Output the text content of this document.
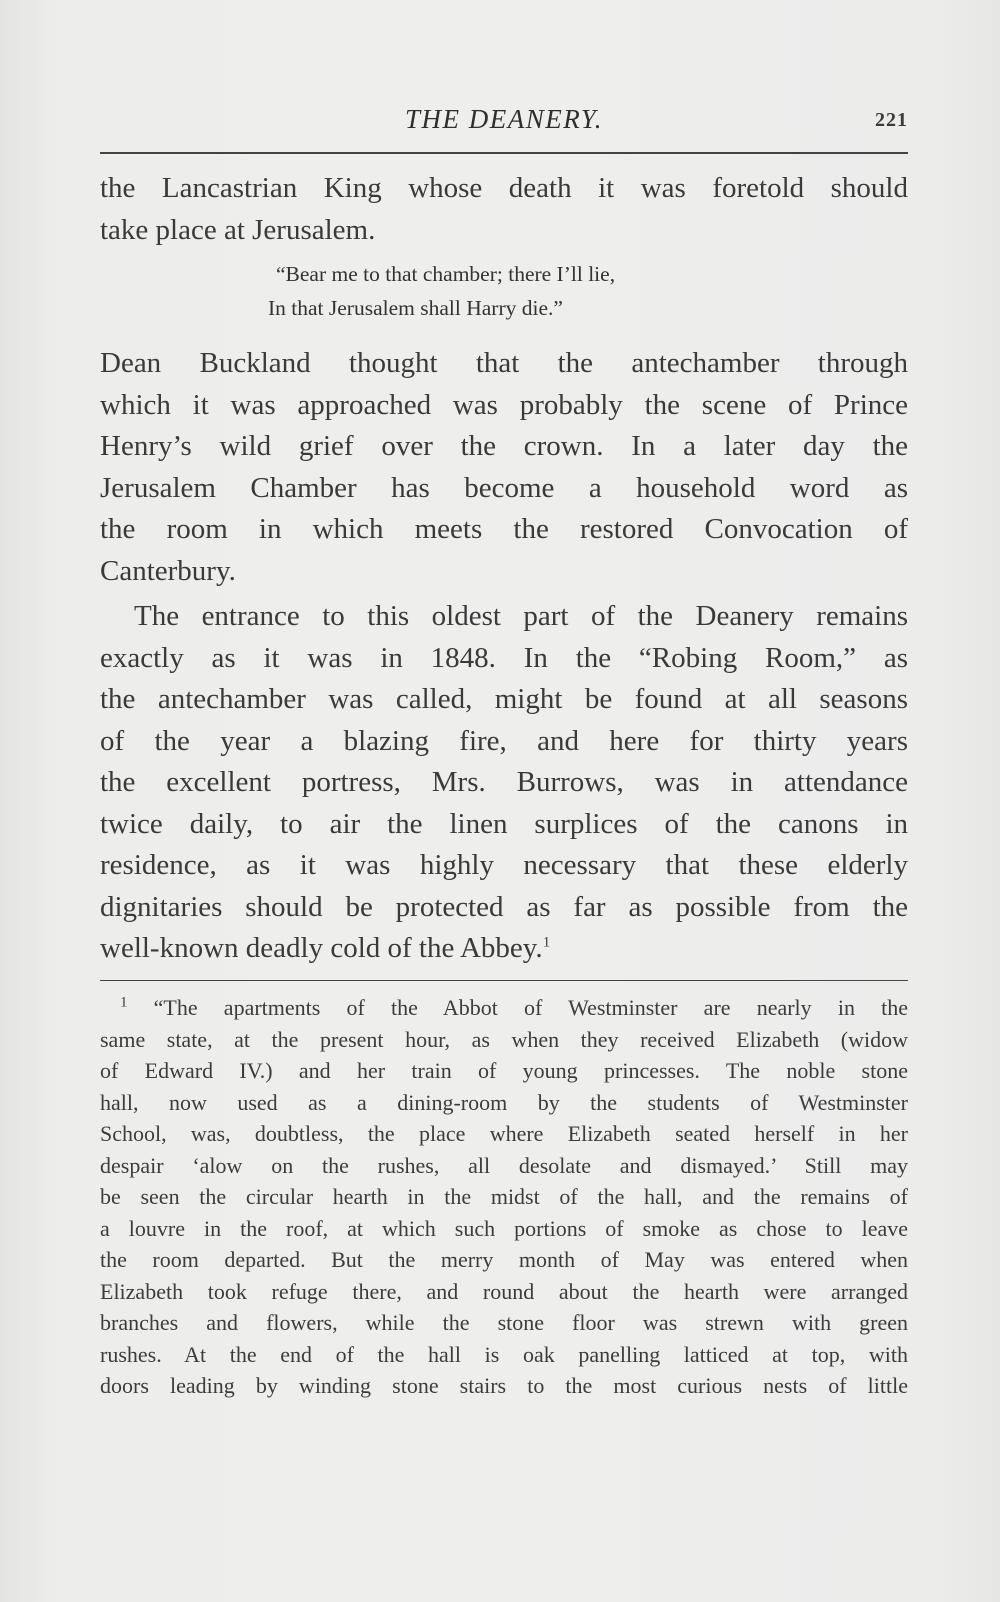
THE DEANERY.	221
the Lancastrian King whose death it was foretold should
take place at Jerusalem.
“Bear me to that chamber; there I’ll lie,
In that Jerusalem shall Harry die.”
Dean Buckland thought that the antechamber through
which it was approached was probably the scene of Prince
Henry’s wild grief over the crown. In a later day the
Jerusalem Chamber has become a household word as
the room in which meets the restored Convocation of
Canterbury.
The entrance to this oldest part of the Deanery remains
exactly as it was in 1848. In the “Robing Room,” as
the antechamber was called, might be found at all seasons
of the year a blazing fire, and here for thirty years
the excellent portress, Mrs. Burrows, was in attendance
twice daily, to air the linen surplices of the canons in
residence, as it was highly necessary that these elderly
dignitaries should be protected as far as possible from the
well-known deadly cold of the Abbey.$^1$
$^1$ “The apartments of the Abbot of Westminster are nearly in the
same state, at the present hour, as when they received Elizabeth (widow
of Edward IV.) and her train of young princesses. The noble stone
hall, now used as a dining-room by the students of Westminster
School, was, doubtless, the place where Elizabeth seated herself in her
despair ‘alow on the rushes, all desolate and dismayed.’ Still may
be seen the circular hearth in the midst of the hall, and the remains of
a louvre in the roof, at which such portions of smoke as chose to leave
the room departed. But the merry month of May was entered when
Elizabeth took refuge there, and round about the hearth were arranged
branches and flowers, while the stone floor was strewn with green
rushes. At the end of the hall is oak panelling latticed at top, with
doors leading by winding stone stairs to the most curious nests of little
